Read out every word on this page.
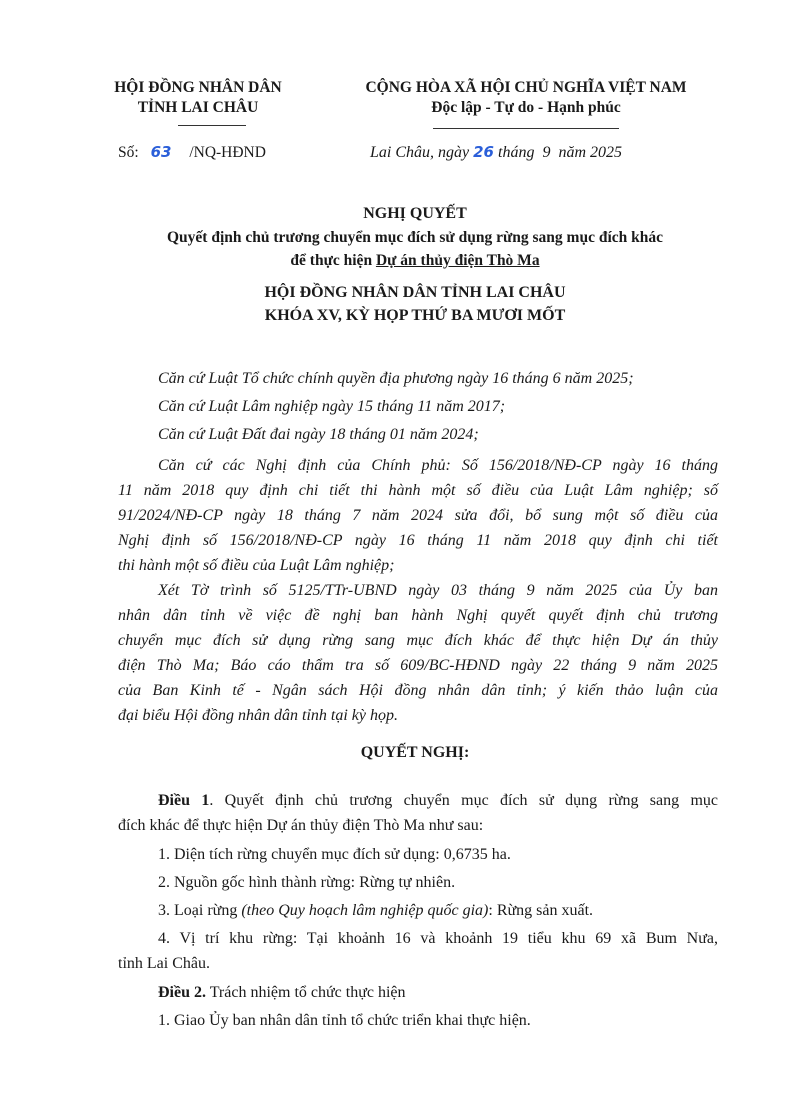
HỘI ĐỒNG NHÂN DÂN
TỈNH LAI CHÂU
CỘNG HÒA XÃ HỘI CHỦ NGHĨA VIỆT NAM
Độc lập - Tự do - Hạnh phúc
Số: 63 /NQ-HĐND	Lai Châu, ngày 26 tháng  9  năm 2025
NGHỊ QUYẾT
Quyết định chủ trương chuyển mục đích sử dụng rừng sang mục đích khác
để thực hiện Dự án thủy điện Thò Ma
HỘI ĐỒNG NHÂN DÂN TỈNH LAI CHÂU
KHÓA XV, KỲ HỌP THỨ BA MƯƠI MỐT
Căn cứ Luật Tổ chức chính quyền địa phương ngày 16 tháng 6 năm 2025;
Căn cứ Luật Lâm nghiệp ngày 15 tháng 11 năm 2017;
Căn cứ Luật Đất đai ngày 18 tháng 01 năm 2024;
Căn cứ các Nghị định của Chính phủ: Số 156/2018/NĐ-CP ngày 16 tháng
11 năm 2018 quy định chi tiết thi hành một số điều của Luật Lâm nghiệp; số
91/2024/NĐ-CP ngày 18 tháng 7 năm 2024 sửa đổi, bổ sung một số điều của
Nghị định số 156/2018/NĐ-CP ngày 16 tháng 11 năm 2018 quy định chi tiết
thi hành một số điều của Luật Lâm nghiệp;
Xét Tờ trình số 5125/TTr-UBND ngày 03 tháng 9 năm 2025 của Ủy ban
nhân dân tỉnh về việc đề nghị ban hành Nghị quyết quyết định chủ trương
chuyển mục đích sử dụng rừng sang mục đích khác để thực hiện Dự án thủy
điện Thò Ma; Báo cáo thẩm tra số 609/BC-HĐND ngày 22 tháng 9 năm 2025
của Ban Kinh tế - Ngân sách Hội đồng nhân dân tỉnh; ý kiến thảo luận của
đại biểu Hội đồng nhân dân tỉnh tại kỳ họp.
QUYẾT NGHỊ:
Điều 1. Quyết định chủ trương chuyển mục đích sử dụng rừng sang mục
đích khác để thực hiện Dự án thủy điện Thò Ma như sau:
1. Diện tích rừng chuyển mục đích sử dụng: 0,6735 ha.
2. Nguồn gốc hình thành rừng: Rừng tự nhiên.
3. Loại rừng (theo Quy hoạch lâm nghiệp quốc gia): Rừng sản xuất.
4. Vị trí khu rừng: Tại khoảnh 16 và khoảnh 19 tiểu khu 69 xã Bum Nưa,
tỉnh Lai Châu.
Điều 2. Trách nhiệm tổ chức thực hiện
1. Giao Ủy ban nhân dân tỉnh tổ chức triển khai thực hiện.
